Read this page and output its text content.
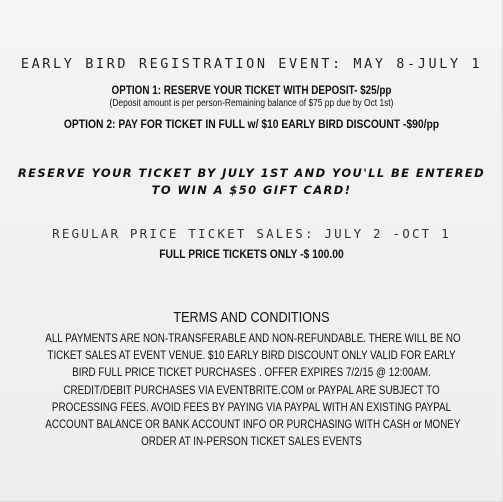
EARLY BIRD REGISTRATION EVENT: MAY 8-JULY 1
OPTION 1: RESERVE YOUR TICKET WITH DEPOSIT- $25/pp
(Deposit amount is per person-Remaining balance of $75 pp due by Oct 1st)
OPTION 2: PAY FOR TICKET IN FULL w/ $10 EARLY BIRD DISCOUNT -$90/pp
RESERVE YOUR TICKET BY JULY 1ST AND YOU'LL BE ENTERED
TO WIN A $50 GIFT CARD!
REGULAR PRICE TICKET SALES: JULY 2 -OCT 1
FULL PRICE TICKETS ONLY -$ 100.00
TERMS AND CONDITIONS
ALL PAYMENTS ARE NON-TRANSFERABLE AND NON-REFUNDABLE. THERE WILL BE NO
TICKET SALES AT EVENT VENUE. $10 EARLY BIRD DISCOUNT ONLY VALID FOR EARLY
BIRD FULL PRICE TICKET PURCHASES . OFFER EXPIRES 7/2/15 @ 12:00AM.
CREDIT/DEBIT PURCHASES VIA EVENTBRITE.COM or PAYPAL ARE SUBJECT TO
PROCESSING FEES. AVOID FEES BY PAYING VIA PAYPAL WITH AN EXISTING PAYPAL
ACCOUNT BALANCE OR BANK ACCOUNT INFO OR PURCHASING WITH CASH or MONEY
ORDER AT IN-PERSON TICKET SALES EVENTS
